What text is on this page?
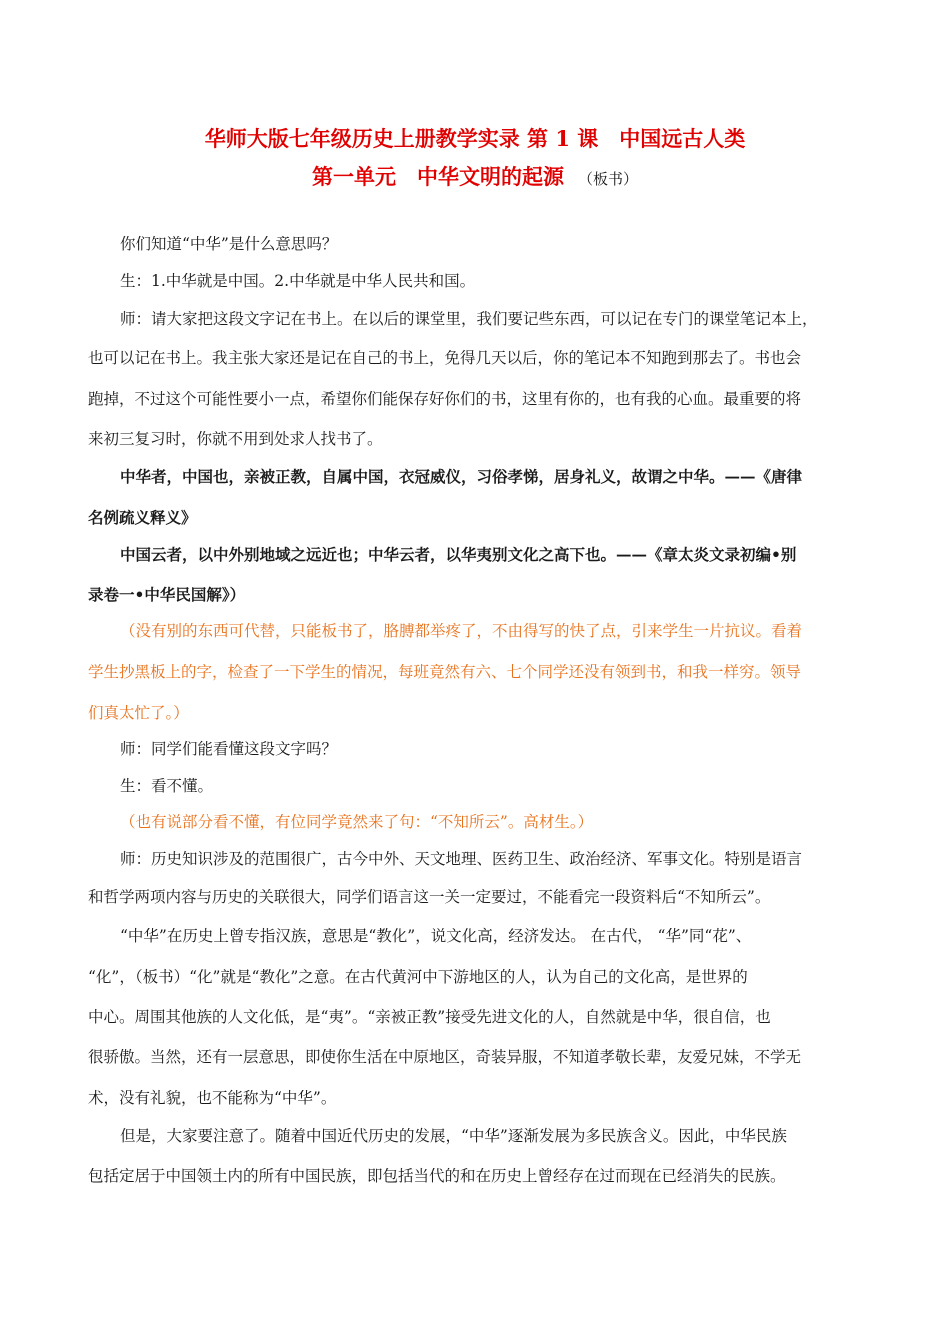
华师大版七年级历史上册教学实录 第 1 课　中国远古人类
第一单元　中华文明的起源 （板书）
你们知道“中华”是什么意思吗？
生：1.中华就是中国。2.中华就是中华人民共和国。
师：请大家把这段文字记在书上。在以后的课堂里，我们要记些东西，可以记在专门的课堂笔记本上，
也可以记在书上。我主张大家还是记在自己的书上，免得几天以后，你的笔记本不知跑到那去了。书也会
跑掉，不过这个可能性要小一点，希望你们能保存好你们的书，这里有你的，也有我的心血。最重要的将
来初三复习时，你就不用到处求人找书了。
中华者，中国也，亲被正教，自属中国，衣冠威仪，习俗孝悌，居身礼义，故谓之中华。——《唐律
名例疏义释义》
中国云者，以中外别地域之远近也；中华云者，以华夷别文化之高下也。——《章太炎文录初编•别
录卷一•中华民国解》）
（没有别的东西可代替，只能板书了，胳膊都举疼了，不由得写的快了点，引来学生一片抗议。看着
学生抄黑板上的字，检查了一下学生的情况，每班竟然有六、七个同学还没有领到书，和我一样穷。领导
们真太忙了。）
师：同学们能看懂这段文字吗？
生：看不懂。
（也有说部分看不懂，有位同学竟然来了句：“不知所云”。高材生。）
师：历史知识涉及的范围很广，古今中外、天文地理、医药卫生、政治经济、军事文化。特别是语言
和哲学两项内容与历史的关联很大，同学们语言这一关一定要过，不能看完一段资料后“不知所云”。
“中华”在历史上曾专指汉族，意思是“教化”，说文化高，经济发达。 在古代， “华”同“花”、
“化”，（板书）“化”就是“教化”之意。在古代黄河中下游地区的人，认为自己的文化高，是世界的
中心。周围其他族的人文化低，是“夷”。“亲被正教”接受先进文化的人，自然就是中华，很自信，也
很骄傲。当然，还有一层意思，即使你生活在中原地区，奇装异服，不知道孝敬长辈，友爱兄妹，不学无
术，没有礼貌，也不能称为“中华”。
但是，大家要注意了。随着中国近代历史的发展，“中华”逐渐发展为多民族含义。因此，中华民族
包括定居于中国领土内的所有中国民族，即包括当代的和在历史上曾经存在过而现在已经消失的民族。
